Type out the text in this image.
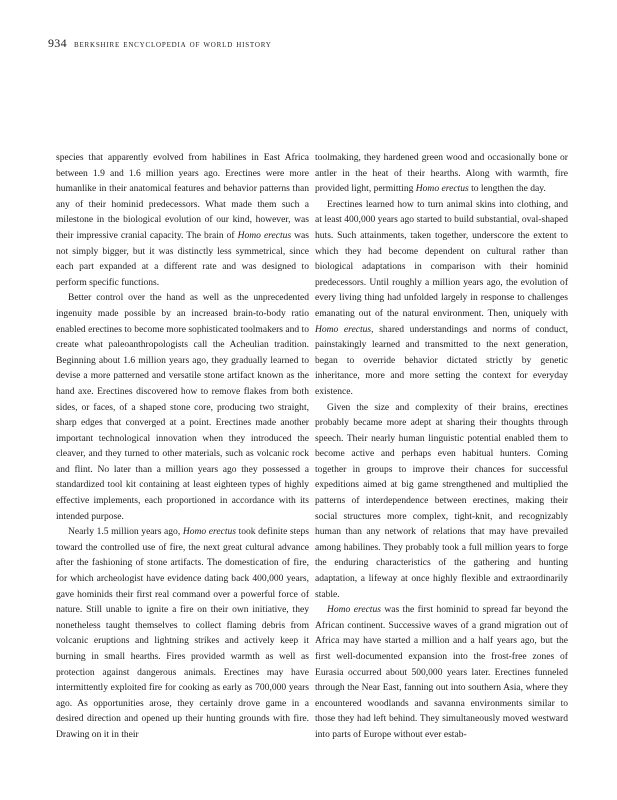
934 berkshire encyclopedia of world history

species that apparently evolved from habilines in East Africa between 1.9 and 1.6 million years ago. Erectines were more humanlike in their anatomical features and behavior patterns than any of their hominid predecessors. What made them such a milestone in the biological evolution of our kind, however, was their impressive cranial capacity. The brain of Homo erectus was not simply bigger, but it was distinctly less symmetrical, since each part expanded at a different rate and was designed to perform specific functions.

Better control over the hand as well as the unprecedented ingenuity made possible by an increased brain-to-body ratio enabled erectines to become more sophisticated toolmakers and to create what paleoanthropologists call the Acheulian tradition. Beginning about 1.6 million years ago, they gradually learned to devise a more patterned and versatile stone artifact known as the hand axe. Erectines discovered how to remove flakes from both sides, or faces, of a shaped stone core, producing two straight, sharp edges that converged at a point. Erectines made another important technological innovation when they introduced the cleaver, and they turned to other materials, such as volcanic rock and flint. No later than a million years ago they possessed a standardized tool kit containing at least eighteen types of highly effective implements, each proportioned in accordance with its intended purpose.

Nearly 1.5 million years ago, Homo erectus took definite steps toward the controlled use of fire, the next great cultural advance after the fashioning of stone artifacts. The domestication of fire, for which archeologist have evidence dating back 400,000 years, gave hominids their first real command over a powerful force of nature. Still unable to ignite a fire on their own initiative, they nonetheless taught themselves to collect flaming debris from volcanic eruptions and lightning strikes and actively keep it burning in small hearths. Fires provided warmth as well as protection against dangerous animals. Erectines may have intermittently exploited fire for cooking as early as 700,000 years ago. As opportunities arose, they certainly drove game in a desired direction and opened up their hunting grounds with fire. Drawing on it in their

toolmaking, they hardened green wood and occasionally bone or antler in the heat of their hearths. Along with warmth, fire provided light, permitting Homo erectus to lengthen the day.

Erectines learned how to turn animal skins into clothing, and at least 400,000 years ago started to build substantial, oval-shaped huts. Such attainments, taken together, underscore the extent to which they had become dependent on cultural rather than biological adaptations in comparison with their hominid predecessors. Until roughly a million years ago, the evolution of every living thing had unfolded largely in response to challenges emanating out of the natural environment. Then, uniquely with Homo erectus, shared understandings and norms of conduct, painstakingly learned and transmitted to the next generation, began to override behavior dictated strictly by genetic inheritance, more and more setting the context for everyday existence.

Given the size and complexity of their brains, erectines probably became more adept at sharing their thoughts through speech. Their nearly human linguistic potential enabled them to become active and perhaps even habitual hunters. Coming together in groups to improve their chances for successful expeditions aimed at big game strengthened and multiplied the patterns of interdependence between erectines, making their social structures more complex, tight-knit, and recognizably human than any network of relations that may have prevailed among habilines. They probably took a full million years to forge the enduring characteristics of the gathering and hunting adaptation, a lifeway at once highly flexible and extraordinarily stable.

Homo erectus was the first hominid to spread far beyond the African continent. Successive waves of a grand migration out of Africa may have started a million and a half years ago, but the first well-documented expansion into the frost-free zones of Eurasia occurred about 500,000 years later. Erectines funneled through the Near East, fanning out into southern Asia, where they encountered woodlands and savanna environments similar to those they had left behind. They simultaneously moved westward into parts of Europe without ever estab-
